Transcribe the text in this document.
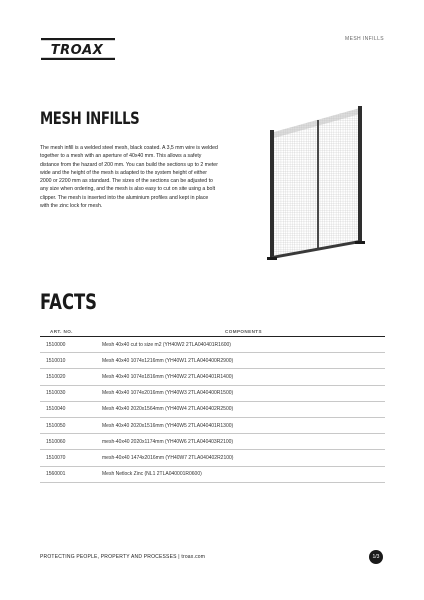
TROAX
MESH INFILLS
MESH INFILLS

The mesh infill is a welded steel mesh, black coated. A 3,5 mm wire is welded together to a mesh with an aperture of 40x40 mm. This allows a safety distance from the hazard of 200 mm. You can build the sections up to 2 meter wide and the height of the mesh is adapted to the system height of either 2000 or 2200 mm as standard. The sizes of the sections can be adjusted to any size when ordering, and the mesh is also easy to cut on site using a bolt clipper. The mesh is inserted into the aluminium profiles and kept in place with the zinc lock for mesh.

FACTS
ART. NO.	COMPONENTS
1510000	Mesh 40x40 cut to size m2 (YH40W2 2TLA040401R1600)
1510010	Mesh 40x40 1074x1216mm (YH40W1 2TLA040400R2900)
1510020	Mesh 40x40 1074x1816mm (YH40W2 2TLA040401R1400)
1510030	Mesh 40x40 1074x2016mm (YH40W3 2TLA040400R1500)
1510040	Mesh 40x40 2020x1564mm (YH40W4 2TLA040402R2500)
1510050	Mesh 40x40 2020x1516mm (YH40W5 2TLA040401R1300)
1510060	mesh-40x40 2020x1174mm (YH40W6 2TLA040403R2100)
1510070	mesh-40x40 1474x2016mm (YH40W7 2TLA040402R2100)
1560001	Mesh Netlock Zinc (NL1 2TLA040001R0600)
PROTECTING PEOPLE, PROPERTY AND PROCESSES | troax.com	1/3
